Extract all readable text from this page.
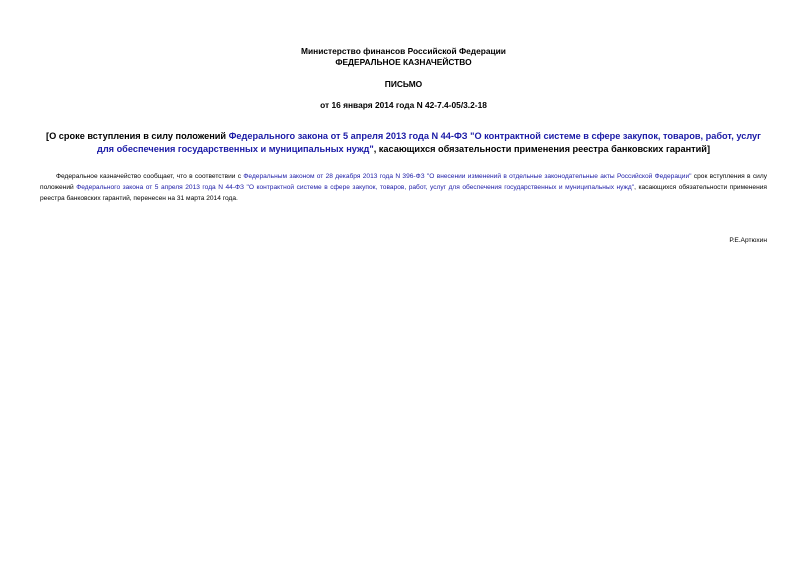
Министерство финансов Российской Федерации
ФЕДЕРАЛЬНОЕ КАЗНАЧЕЙСТВО
ПИСЬМО
от 16 января 2014 года N 42-7.4-05/3.2-18
[О сроке вступления в силу положений Федерального закона от 5 апреля 2013 года N 44-ФЗ "О контрактной системе в сфере закупок, товаров, работ, услуг для обеспечения государственных и муниципальных нужд", касающихся обязательности применения реестра банковских гарантий]
Федеральное казначейство сообщает, что в соответствии с Федеральным законом от 28 декабря 2013 года N 396-ФЗ "О внесении изменений в отдельные законодательные акты Российской Федерации" срок вступления в силу положений Федерального закона от 5 апреля 2013 года N 44-ФЗ "О контрактной системе в сфере закупок, товаров, работ, услуг для обеспечения государственных и муниципальных нужд", касающихся обязательности применения реестра банковских гарантий, перенесен на 31 марта 2014 года.
Р.Е.Артюхин
